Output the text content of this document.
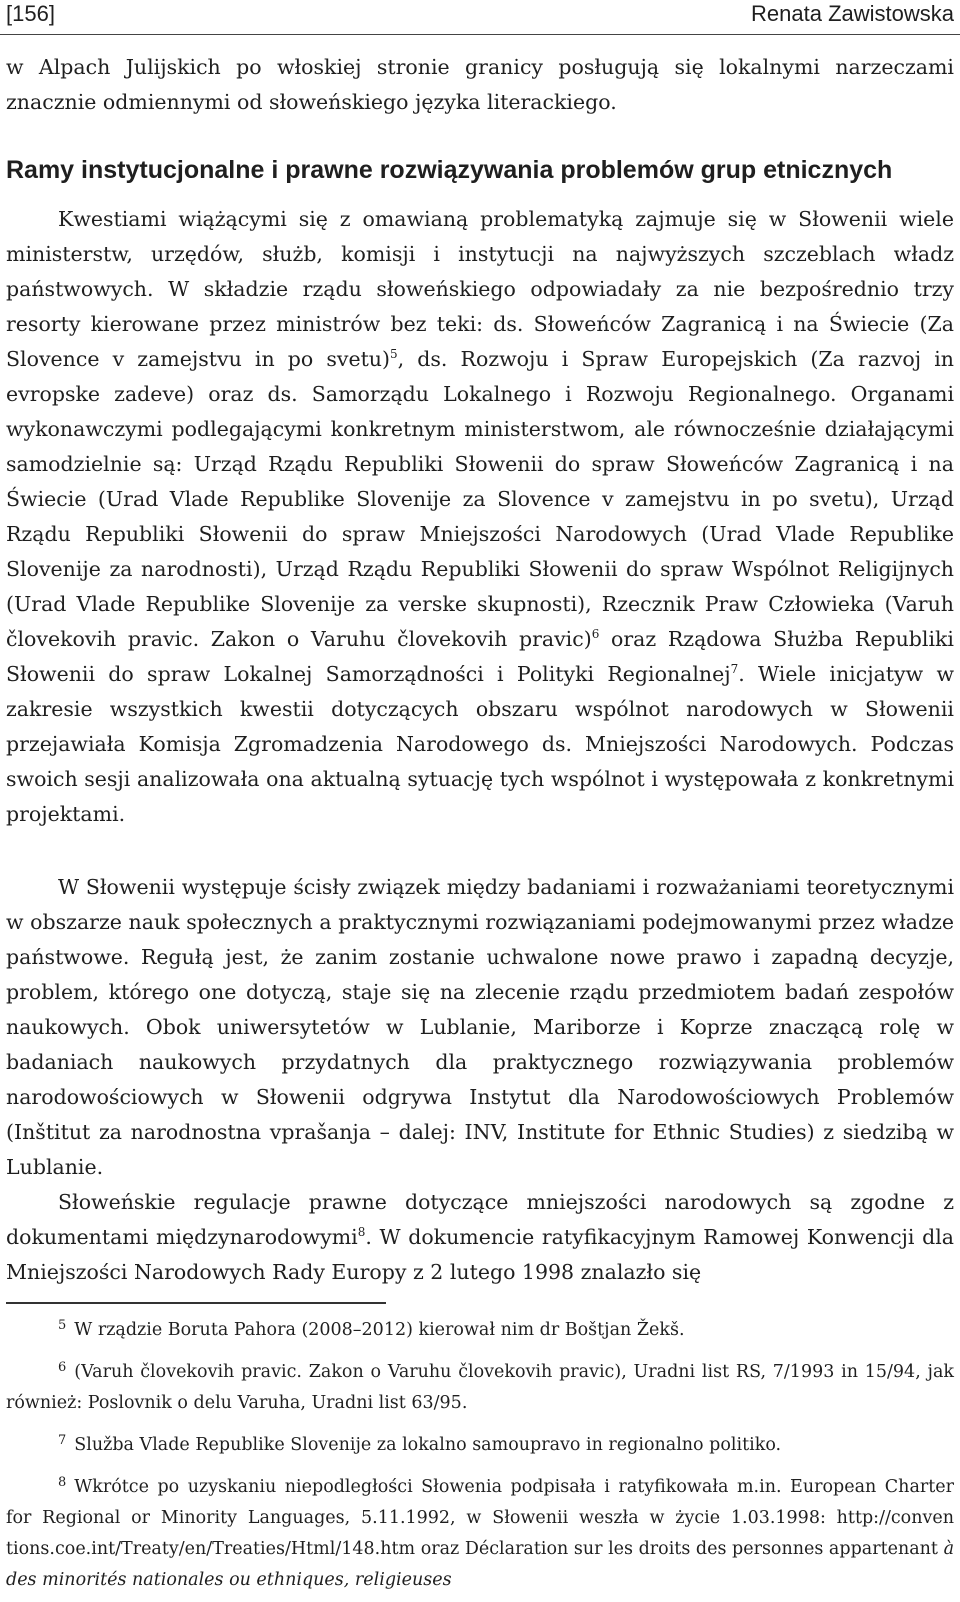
[156]	Renata Zawistowska
w Alpach Julijskich po włoskiej stronie granicy posługują się lokalnymi narzeczami znacznie odmiennymi od słoweńskiego języka literackiego.
Ramy instytucjonalne i prawne rozwiązywania problemów grup etnicznych
Kwestiami wiążącymi się z omawianą problematyką zajmuje się w Słowenii wiele ministerstw, urzędów, służb, komisji i instytucji na najwyższych szczeblach władz państwowych. W składzie rządu słoweńskiego odpowiadały za nie bezpośrednio trzy resorty kierowane przez ministrów bez teki: ds. Słoweńców Zagranicą i na Świecie (Za Slovence v zamejstvu in po svetu)$^5$, ds. Rozwoju i Spraw Europejskich (Za razvoj in evropske zadeve) oraz ds. Samorządu Lokalnego i Rozwoju Regionalnego. Organami wykonawczymi podlegającymi konkretnym ministerstwom, ale równocześnie działającymi samodzielnie są: Urząd Rządu Republiki Słowenii do spraw Słoweńców Zagranicą i na Świecie (Urad Vlade Republike Slovenije za Slovence v zamejstvu in po svetu), Urząd Rządu Republiki Słowenii do spraw Mniejszości Narodowych (Urad Vlade Republike Slovenije za narodnosti), Urząd Rządu Republiki Słowenii do spraw Wspólnot Religijnych (Urad Vlade Republike Slovenije za verske skupnosti), Rzecznik Praw Człowieka (Varuh človekovih pravic. Zakon o Varuhu človekovih pravic)$^6$ oraz Rządowa Służba Republiki Słowenii do spraw Lokalnej Samorządności i Polityki Regionalnej$^7$. Wiele inicjatyw w zakresie wszystkich kwestii dotyczących obszaru wspólnot narodowych w Słowenii przejawiała Komisja Zgromadzenia Narodowego ds. Mniejszości Narodowych. Podczas swoich sesji analizowała ona aktualną sytuację tych wspólnot i występowała z konkretnymi projektami.
W Słowenii występuje ścisły związek między badaniami i rozważaniami teoretycznymi w obszarze nauk społecznych a praktycznymi rozwiązaniami podejmowanymi przez władze państwowe. Regułą jest, że zanim zostanie uchwalone nowe prawo i zapadną decyzje, problem, którego one dotyczą, staje się na zlecenie rządu przedmiotem badań zespołów naukowych. Obok uniwersytetów w Lublanie, Mariborze i Koprze znaczącą rolę w badaniach naukowych przydatnych dla praktycznego rozwiązywania problemów narodowościowych w Słowenii odgrywa Instytut dla Narodowościowych Problemów (Inštitut za narodnostna vprašanja – dalej: INV, Institute for Ethnic Studies) z siedzibą w Lublanie.
Słoweńskie regulacje prawne dotyczące mniejszości narodowych są zgodne z dokumentami międzynarodowymi$^8$. W dokumencie ratyfikacyjnym Ramowej Konwencji dla Mniejszości Narodowych Rady Europy z 2 lutego 1998 znalazło się
5 W rządzie Boruta Pahora (2008–2012) kierował nim dr Boštjan Žekš.
6 (Varuh človekovih pravic. Zakon o Varuhu človekovih pravic), Uradni list RS, 7/1993 in 15/94, jak również: Poslovnik o delu Varuha, Uradni list 63/95.
7 Služba Vlade Republike Slovenije za lokalno samoupravo in regionalno politiko.
8 Wkrótce po uzyskaniu niepodległości Słowenia podpisała i ratyfikowała m.in. European Charter for Regional or Minority Languages, 5.11.1992, w Słowenii weszła w życie 1.03.1998: http://conven tions.coe.int/Treaty/en/Treaties/Html/148.htm oraz Déclaration sur les droits des personnes appartenant à des minorités nationales ou ethniques, religieuses
